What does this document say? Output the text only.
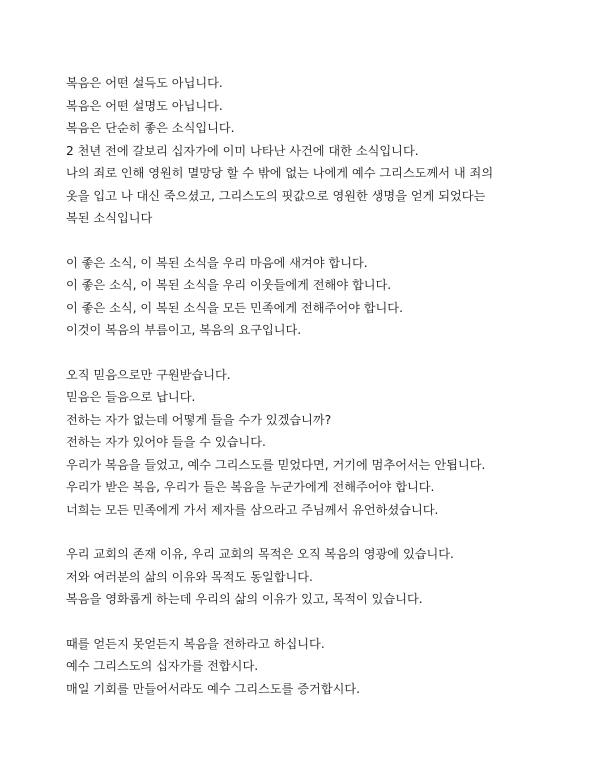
복음은 어떤 설득도 아닙니다.
복음은 어떤 설명도 아닙니다.
복음은 단순히 좋은 소식입니다.
2 천년 전에 갈보리 십자가에 이미 나타난 사건에 대한 소식입니다.
나의 죄로 인해 영원히 멸망당 할 수 밖에 없는 나에게 예수 그리스도께서 내 죄의
옷을 입고 나 대신 죽으셨고, 그리스도의 핏값으로 영원한 생명을 얻게 되었다는
복된 소식입니다
이 좋은 소식, 이 복된 소식을 우리 마음에 새겨야 합니다.
이 좋은 소식, 이 복된 소식을 우리 이웃들에게 전해야 합니다.
이 좋은 소식, 이 복된 소식을 모든 민족에게 전해주어야 합니다.
이것이 복음의 부름이고, 복음의 요구입니다.
오직 믿음으로만 구원받습니다.
믿음은 들음으로 납니다.
전하는 자가 없는데 어떻게 들을 수가 있겠습니까?
전하는 자가 있어야 들을 수 있습니다.
우리가 복음을 들었고, 예수 그리스도를 믿었다면, 거기에 멈추어서는 안됩니다.
우리가 받은 복음, 우리가 들은 복음을 누군가에게 전해주어야 합니다.
너희는 모든 민족에게 가서 제자를 삼으라고 주님께서 유언하셨습니다.
우리 교회의 존재 이유, 우리 교회의 목적은 오직 복음의 영광에 있습니다.
저와 여러분의 삶의 이유와 목적도 동일합니다.
복음을 영화롭게 하는데 우리의 삶의 이유가 있고, 목적이 있습니다.
때를 얻든지 못얻든지 복음을 전하라고 하십니다.
예수 그리스도의 십자가를 전합시다.
매일 기회를 만들어서라도 예수 그리스도를 증거합시다.
